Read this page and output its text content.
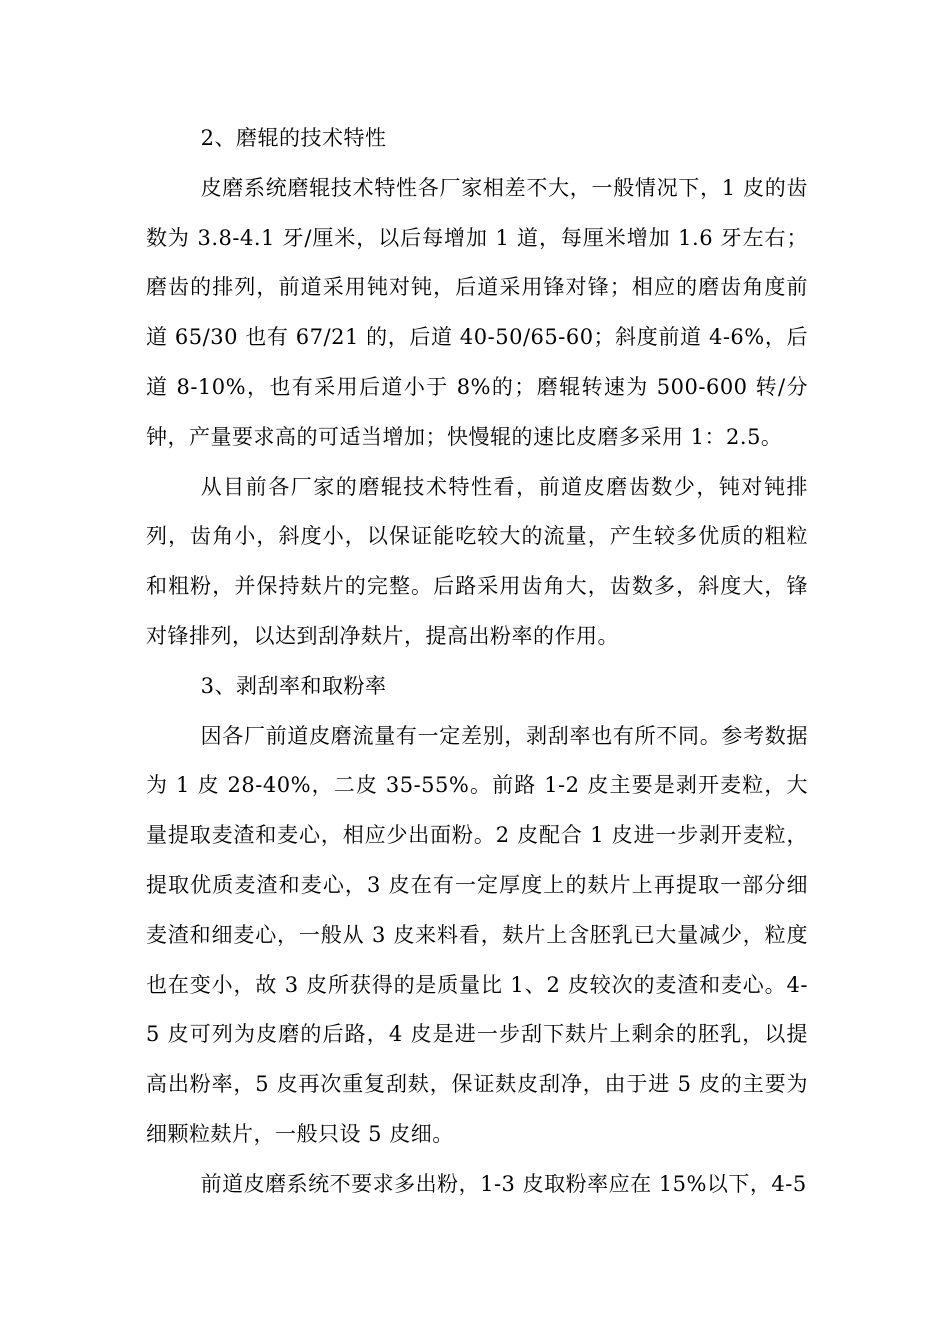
2、磨辊的技术特性

皮磨系统磨辊技术特性各厂家相差不大，一般情况下，1 皮的齿数为 3.8-4.1 牙/厘米，以后每增加 1 道，每厘米增加 1.6 牙左右；磨齿的排列，前道采用钝对钝，后道采用锋对锋；相应的磨齿角度前道 65/30 也有 67/21 的，后道 40-50/65-60；斜度前道 4-6%，后道 8-10%，也有采用后道小于 8%的；磨辊转速为 500-600 转/分钟，产量要求高的可适当增加；快慢辊的速比皮磨多采用 1：2.5。

从目前各厂家的磨辊技术特性看，前道皮磨齿数少，钝对钝排列，齿角小，斜度小，以保证能吃较大的流量，产生较多优质的粗粒和粗粉，并保持麸片的完整。后路采用齿角大，齿数多，斜度大，锋对锋排列，以达到刮净麸片，提高出粉率的作用。

3、剥刮率和取粉率

因各厂前道皮磨流量有一定差别，剥刮率也有所不同。参考数据为 1 皮 28-40%，二皮 35-55%。前路 1-2 皮主要是剥开麦粒，大量提取麦渣和麦心，相应少出面粉。2 皮配合 1 皮进一步剥开麦粒，提取优质麦渣和麦心，3 皮在有一定厚度上的麸片上再提取一部分细麦渣和细麦心，一般从 3 皮来料看，麸片上含胚乳已大量减少，粒度也在变小，故 3 皮所获得的是质量比 1、2 皮较次的麦渣和麦心。4-5 皮可列为皮磨的后路，4 皮是进一步刮下麸片上剩余的胚乳，以提高出粉率，5 皮再次重复刮麸，保证麸皮刮净，由于进 5 皮的主要为细颗粒麸片，一般只设 5 皮细。

前道皮磨系统不要求多出粉，1-3 皮取粉率应在 15%以下，4-5
